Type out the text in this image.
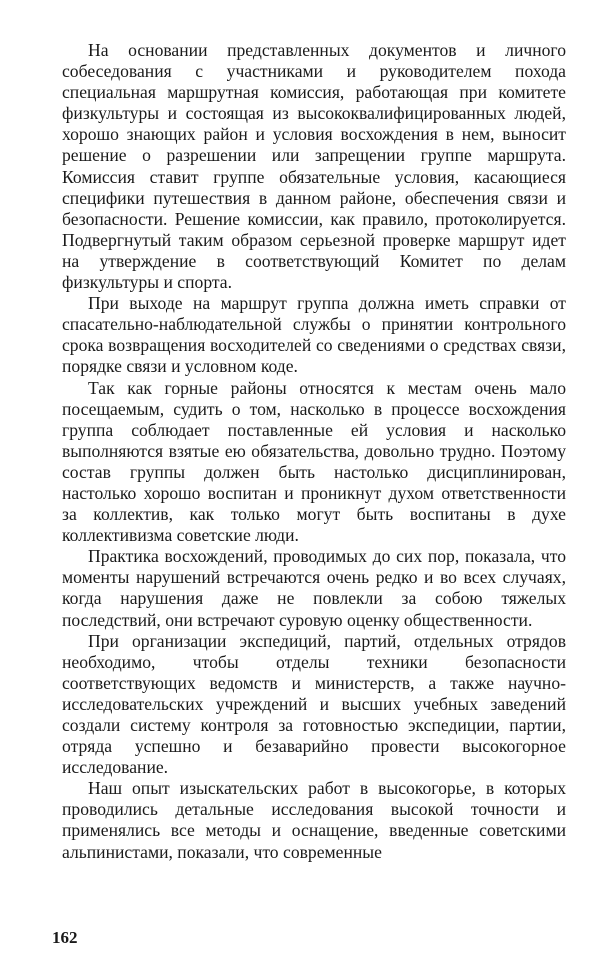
На основании представленных документов и личного собеседования с участниками и руководителем похода специальная маршрутная комиссия, работающая при комитете физкультуры и состоящая из высококвалифицированных людей, хорошо знающих район и условия восхождения в нем, выносит решение о разрешении или запрещении группе маршрута. Комиссия ставит группе обязательные условия, касающиеся специфики путешествия в данном районе, обеспечения связи и безопасности. Решение комиссии, как правило, протоколируется. Подвергнутый таким образом серьезной проверке маршрут идет на утверждение в соответствующий Комитет по делам физкультуры и спорта.

При выходе на маршрут группа должна иметь справки от спасательно-наблюдательной службы о принятии контрольного срока возвращения восходителей со сведениями о средствах связи, порядке связи и условном коде.

Так как горные районы относятся к местам очень мало посещаемым, судить о том, насколько в процессе восхождения группа соблюдает поставленные ей условия и насколько выполняются взятые ею обязательства, довольно трудно. Поэтому состав группы должен быть настолько дисциплинирован, настолько хорошо воспитан и проникнут духом ответственности за коллектив, как только могут быть воспитаны в духе коллективизма советские люди.

Практика восхождений, проводимых до сих пор, показала, что моменты нарушений встречаются очень редко и во всех случаях, когда нарушения даже не повлекли за собою тяжелых последствий, они встречают суровую оценку общественности.

При организации экспедиций, партий, отдельных отрядов необходимо, чтобы отделы техники безопасности соответствующих ведомств и министерств, а также научно-исследовательских учреждений и высших учебных заведений создали систему контроля за готовностью экспедиции, партии, отряда успешно и безаварийно провести высокогорное исследование.

Наш опыт изыскательских работ в высокогорье, в которых проводились детальные исследования высокой точности и применялись все методы и оснащение, введенные советскими альпинистами, показали, что современные

162
